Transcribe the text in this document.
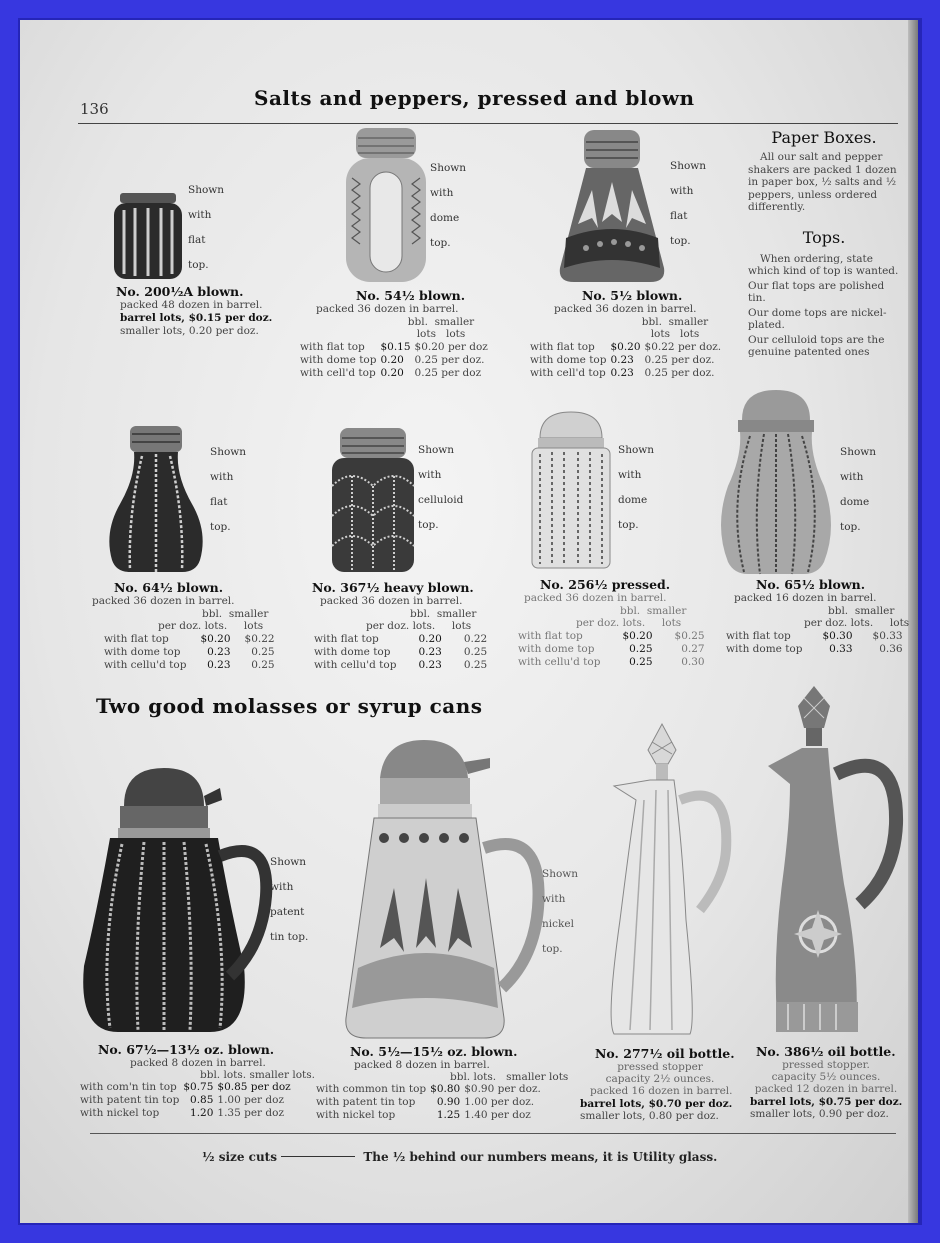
136	Salts and peppers, pressed and blown
Shown
with
flat
top.
No. 200½A blown.
packed 48 dozen in barrel.
barrel lots, $0.15 per doz.
smaller lots, 0.20 per doz.
Shown
with
dome
top.
No. 54½ blown.
packed 36 dozen in barrel.
bbl. smaller
lots lots
with flat top	$0.15	$0.20 per doz
with dome top	0.20	0.25 per doz.
with cell'd top	0.20	0.25 per doz
Shown
with
flat
top.
No. 5½ blown.
packed 36 dozen in barrel.
bbl. smaller
lots lots
with flat top	$0.20	$0.22 per doz.
with dome top	0.23	0.25 per doz.
with cell'd top	0.23	0.25 per doz.
Paper Boxes.
All our salt and pepper shakers are packed 1 dozen in paper box, ½ salts and ½ peppers, unless ordered differently.
Tops.
When ordering, state which kind of top is wanted.
Our flat tops are polished tin.
Our dome tops are nickel-plated.
Our celluloid tops are the genuine patented ones
Shown
with
flat
top.
No. 64½ blown.
packed 36 dozen in barrel.
bbl. smaller
per doz. lots. lots
with flat top	$0.20	$0.22
with dome top	0.23	0.25
with cellu'd top	0.23	0.25
Shown
with
celluloid
top.
No. 367½ heavy blown.
packed 36 dozen in barrel.
bbl. smaller
per doz. lots. lots
with flat top	0.20	0.22
with dome top	0.23	0.25
with cellu'd top	0.23	0.25
Shown
with
dome
top.
No. 256½ pressed.
packed 36 dozen in barrel.
bbl. smaller
per doz. lots. lots
with flat top	$0.20	$0.25
with dome top	0.25	0.27
with cellu'd top	0.25	0.30
Shown
with
dome
top.
No. 65½ blown.
packed 16 dozen in barrel.
bbl. smaller
per doz. lots. lots
with flat top	$0.30	$0.33
with dome top	0.33	0.36
Two good molasses or syrup cans
Shown
with
patent
tin top.
No. 67½—13½ oz. blown.
packed 8 dozen in barrel.
bbl. lots. smaller lots.
with com'n tin top	$0.75	$0.85 per doz
with patent tin top	0.85	1.00 per doz
with nickel top	1.20	1.35 per doz
Shown
with
nickel
top.
No. 5½—15½ oz. blown.
packed 8 dozen in barrel.
bbl. lots. smaller lots
with common tin top	$0.80	$0.90 per doz.
with patent tin top	0.90	1.00 per doz.
with nickel top	1.25	1.40 per doz
No. 277½ oil bottle.
pressed stopper
capacity 2½ ounces.
packed 16 dozen in barrel.
barrel lots, $0.70 per doz.
smaller lots, 0.80 per doz.
No. 386½ oil bottle.
pressed stopper.
capacity 5½ ounces.
packed 12 dozen in barrel.
barrel lots, $0.75 per doz.
smaller lots, 0.90 per doz.
½ size cuts	The ½ behind our numbers means, it is Utility glass.
